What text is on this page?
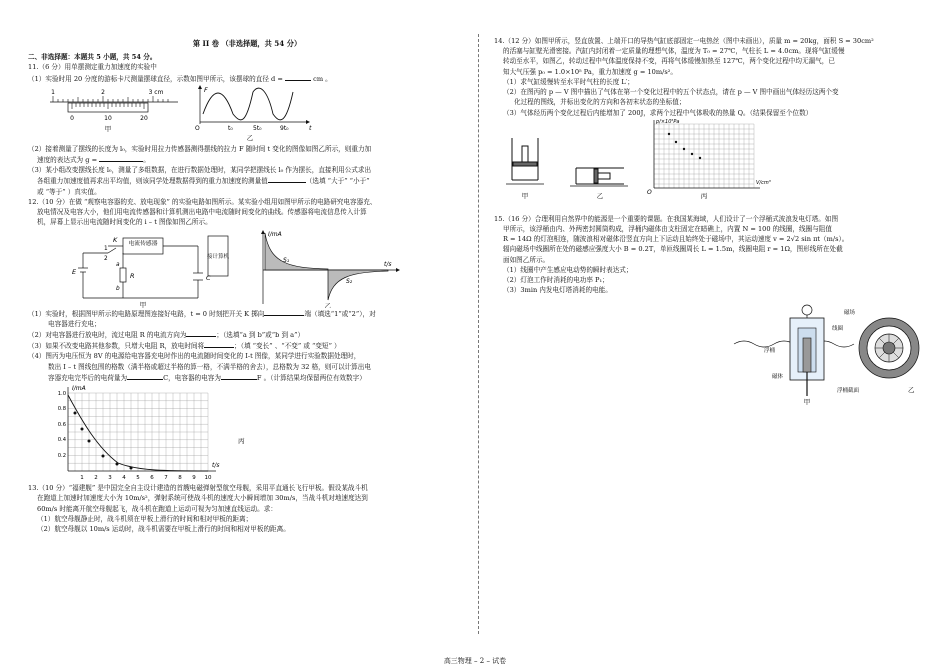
第 II 卷 （非选择题，共 54 分）

二、非选择题：本题共 5 小题，共 54 分。

11.（6 分）用单摆测定重力加速度的实验中

（1）实验时用 20 分度的游标卡尺测量摆球直径，示数如图甲所示，该摆球的直径 d =	cm 。

1	2	3 cm
0	10	20
甲
F
t
O	t₀	5t₀	9t₀
乙

（2）接着测量了摆线的长度为 l₀，实验时用拉力传感器测得摆线的拉力 F 随时间 t 变化的图像如图乙所示，则重力加

速度的表达式为 g =	。

（3）某小组改变摆线长度 l₀，测量了多组数据，在进行数据处理时，某同学把摆线长 l₀ 作为摆长，直接利用公式求出

各组重力加速度值再求出平均值，则该同学处理数据得到的重力加速度的测量值	（选填 “大于” “小于”

或 “等于” ）真实值。

12.（10 分）在做 “观察电容器的充、放电现象” 的实验电路如图所示。某实验小组用如图甲所示的电路研究电容器充、

放电情况及电容大小，他们用电流传感器和计算机测出电路中电流随时间变化的曲线。传感器将电流信息传入计算

机，屏幕上显示出电流随时间变化的 i – t 图像如图乙所示。

电流传感器
接计算机
E	R	C
K
1
2
a
b
甲
I/mA
t/s
S₁
S₂
乙

（1）实验时，根据图甲所示的电路原理图连接好电路，t = 0 时刻把开关 K 掷向	端（填选“1”或“2”），对

电容器进行充电；

（2）对电容器进行放电时，流过电阻 R 的电流方向为	；（选填“a 到 b”或“b 到 a”）

（3）如果不改变电路其他参数，只增大电阻 R，放电时间将	；（填 “变长” 、“不变” 或 “变短” ）

（4）图丙为电压恒为 8V 的电源给电容器充电时作出的电流随时间变化的 I-t 图像，某同学进行实验数据处理时，

数出 I – t 图线包围的格数（满半格或超过半格的算一格，不满半格的舍去），总格数为 32 格，则可以计算出电

容器充电完毕后的电荷量为	C，电容器的电容为	F 。（计算结果均保留两位有效数字）

I/mA
t/s
0.2
0.4
0.6
0.8
1.0
1 2 3 4 5 6 7 8 9 10
丙

13.（10 分）“福建舰” 是中国完全自主设计建造的首艘电磁弹射型航空母舰，采用平直通长飞行甲板。假设某战斗机

在跑道上加速时加速度大小为 10m/s²，弹射系统可使战斗机的速度大小瞬间增加 30m/s，当战斗机对地速度达到

60m/s 时能离开航空母舰起飞，战斗机在跑道上运动可视为匀加速直线运动。求：

（1）航空母舰静止时，战斗机须在甲板上滑行的时间和相对甲板的距离；

（2）航空母舰以 10m/s 运动时，战斗机需要在甲板上滑行的时间和相对甲板的距离。

14.（12 分）如图甲所示，竖直放置、上端开口的导热气缸底部固定一电热丝（图中未画出），质量 m = 20kg，面积 S = 30cm²

的活塞与缸壁光滑密接。汽缸内封闭着一定质量的理想气体，温度为 T₀ = 27℃，气柱长 L = 4.0cm。现将气缸缓慢

转动至水平，如图乙，转动过程中气体温度保持不变，再将气体缓慢加热至 127℃，两个变化过程中均无漏气，已

知大气压强 p₀ = 1.0×10⁵ Pa，重力加速度 g = 10m/s²。

（1）求气缸缓慢转至水平时气柱的长度 L′；

（2）在图丙的 p — V 图中描出了气体在第一个变化过程中的五个状态点，请在 p — V 图中画出气体经历这两个变

化过程的图线，并标出变化的方向和各初末状态的坐标值；

（3）气体经历两个变化过程后内能增加了 200J，求两个过程中气体吸收的热量 Q。（结果保留至个位数）

甲	乙
p/×10⁵Pa
V/cm³
O	丙

15.（16 分）合理利用自然界中的能源是一个重要的课题。在我国某海域，人们设计了一个浮桶式波浪发电灯塔。如图

甲所示，该浮桶由内、外两密封圆筒构成，浮桶内磁体由支柱固定在暗礁上，内置 N = 100 的线圈，线圈与阻值

R = 14Ω 的灯泡相连，随波浪相对磁体沿竖直方向上下运动且始终处于磁场中，其运动速度 v = 2√2 sin πt（m/s）。

辐向磁场中线圈所在处的磁感应强度大小 B = 0.2T，单匝线圈周长 L = 1.5m，线圈电阻 r = 1Ω，图形线所在处截

面如图乙所示。

（1）线圈中产生感应电动势的瞬时表达式；

（2）灯泡工作时消耗的电功率 P₁；

（3）3min 内发电灯塔消耗的电能。

浮桶
磁体
线圈
甲
磁场
浮桶截面	乙
高三物理 – 2 – 试卷
